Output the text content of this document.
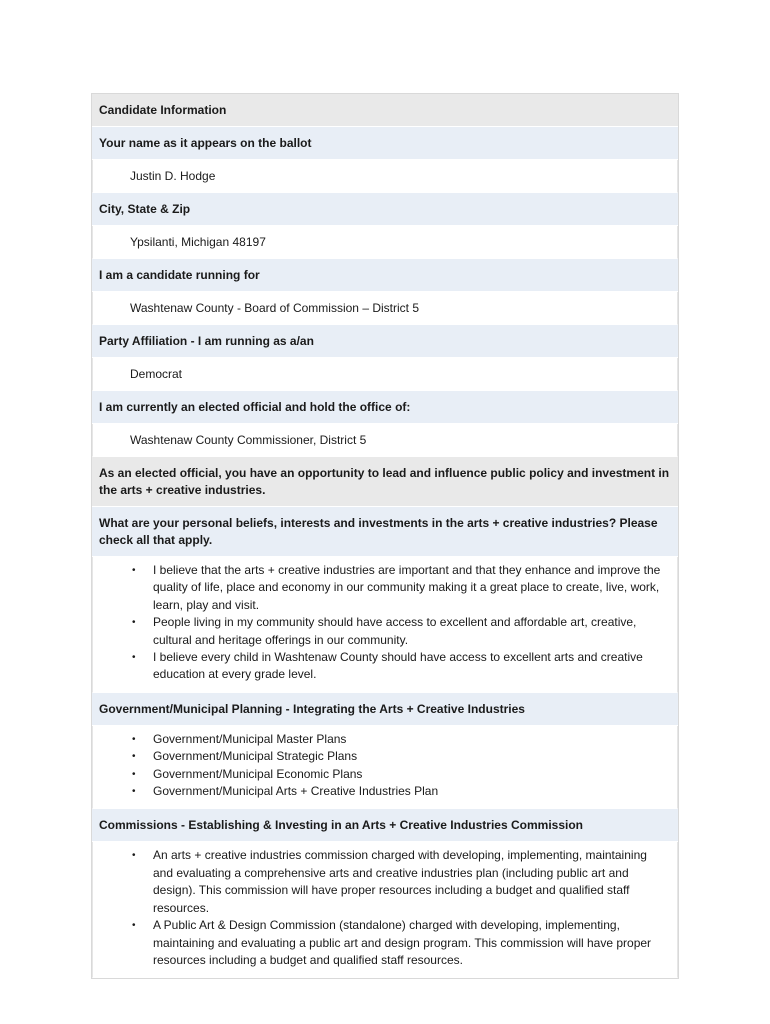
Candidate Information
Your name as it appears on the ballot
Justin D. Hodge
City, State & Zip
Ypsilanti, Michigan 48197
I am a candidate running for
Washtenaw County - Board of Commission – District 5
Party Affiliation - I am running as a/an
Democrat
I am currently an elected official and hold the office of:
Washtenaw County Commissioner, District 5
As an elected official, you have an opportunity to lead and influence public policy and investment in the arts + creative industries.
What are your personal beliefs, interests and investments in the arts + creative industries? Please check all that apply.
• I believe that the arts + creative industries are important and that they enhance and improve the quality of life, place and economy in our community making it a great place to create, live, work, learn, play and visit.
• People living in my community should have access to excellent and affordable art, creative, cultural and heritage offerings in our community.
• I believe every child in Washtenaw County should have access to excellent arts and creative education at every grade level.
Government/Municipal Planning - Integrating the Arts + Creative Industries
• Government/Municipal Master Plans
• Government/Municipal Strategic Plans
• Government/Municipal Economic Plans
• Government/Municipal Arts + Creative Industries Plan
Commissions - Establishing & Investing in an Arts + Creative Industries Commission
• An arts + creative industries commission charged with developing, implementing, maintaining and evaluating a comprehensive arts and creative industries plan (including public art and design). This commission will have proper resources including a budget and qualified staff resources.
• A Public Art & Design Commission (standalone) charged with developing, implementing, maintaining and evaluating a public art and design program. This commission will have proper resources including a budget and qualified staff resources.
